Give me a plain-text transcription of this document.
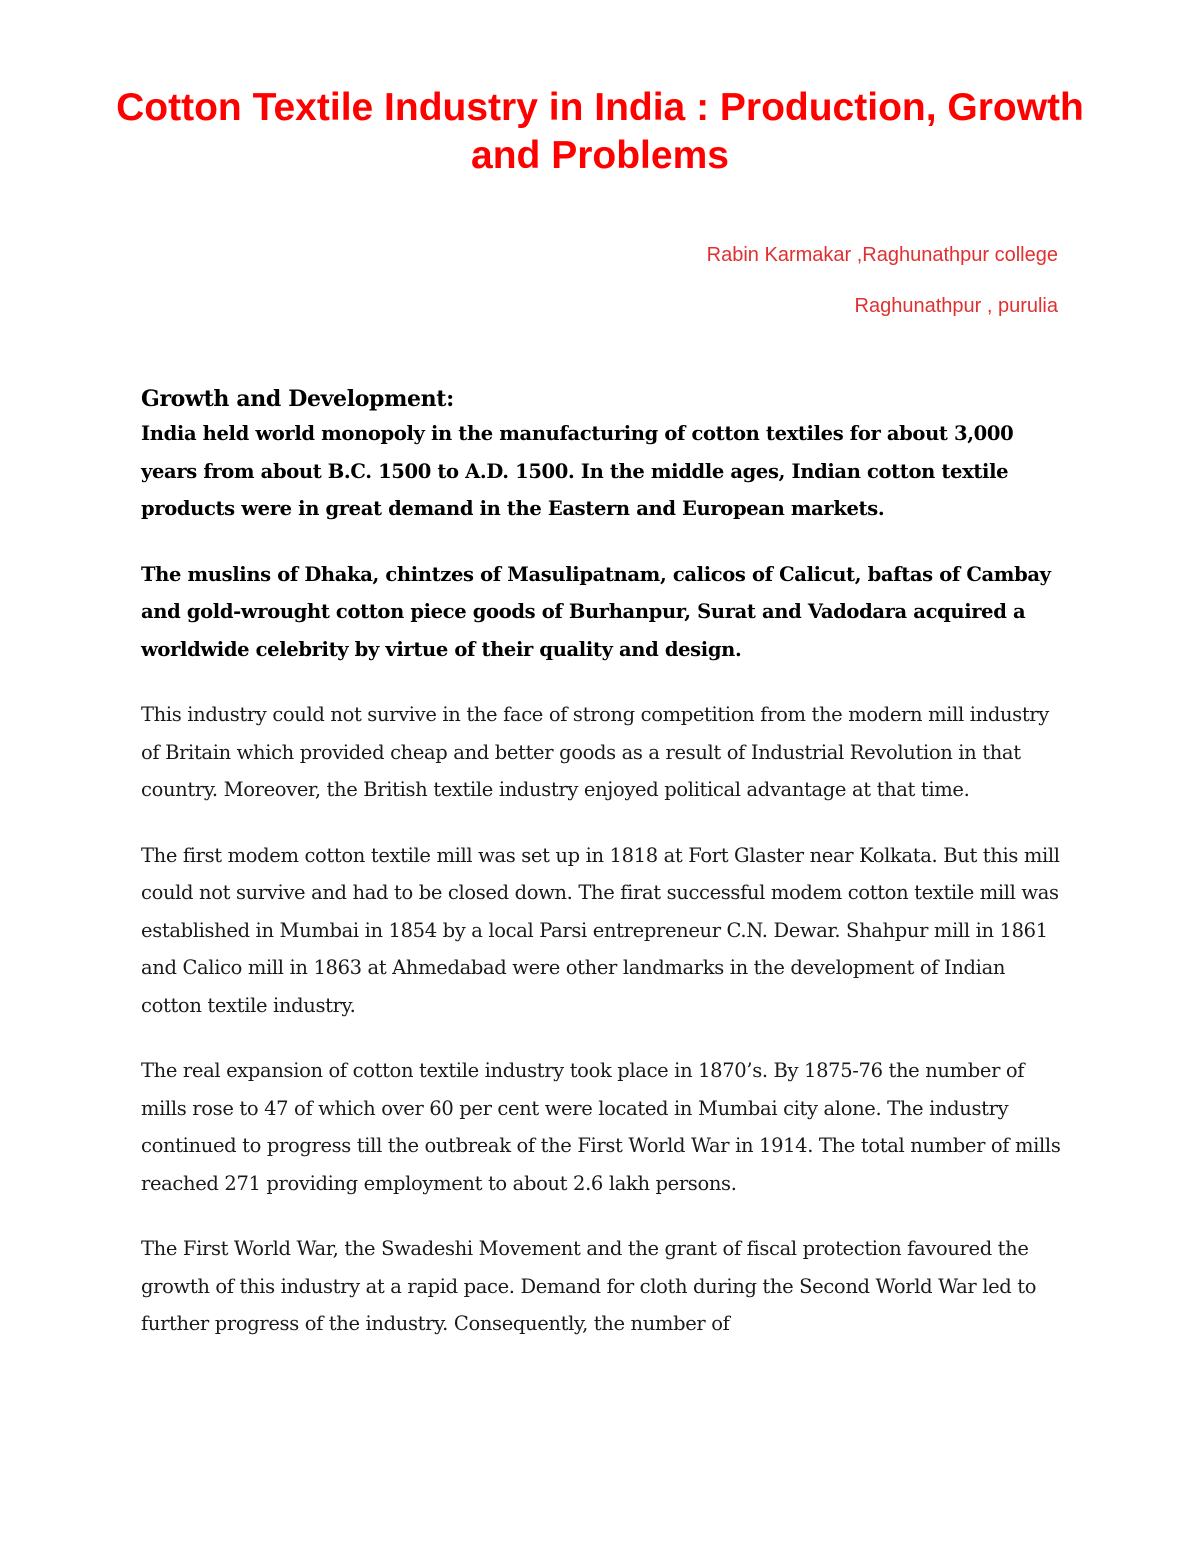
Cotton Textile Industry in India : Production, Growth and Problems

Rabin Karmakar ,Raghunathpur college

Raghunathpur , purulia

Growth and Development:

India held world monopoly in the manufacturing of cotton textiles for about 3,000 years from about B.C. 1500 to A.D. 1500. In the middle ages, Indian cotton textile products were in great demand in the Eastern and European markets.

The muslins of Dhaka, chintzes of Masulipatnam, calicos of Calicut, baftas of Cambay and gold-wrought cotton piece goods of Burhanpur, Surat and Vadodara acquired a worldwide celebrity by virtue of their quality and design.

This industry could not survive in the face of strong competition from the modern mill industry of Britain which provided cheap and better goods as a result of Industrial Revolution in that country. Moreover, the British textile industry enjoyed political advantage at that time.

The first modem cotton textile mill was set up in 1818 at Fort Glaster near Kolkata. But this mill could not survive and had to be closed down. The firat successful modem cotton textile mill was established in Mumbai in 1854 by a local Parsi entrepreneur C.N. Dewar. Shahpur mill in 1861 and Calico mill in 1863 at Ahmedabad were other landmarks in the development of Indian cotton textile industry.

The real expansion of cotton textile industry took place in 1870’s. By 1875-76 the number of mills rose to 47 of which over 60 per cent were located in Mumbai city alone. The industry continued to progress till the outbreak of the First World War in 1914. The total number of mills reached 271 providing employment to about 2.6 lakh persons.

The First World War, the Swadeshi Movement and the grant of fiscal protection favoured the growth of this industry at a rapid pace. Demand for cloth during the Second World War led to further progress of the industry. Consequently, the number of
